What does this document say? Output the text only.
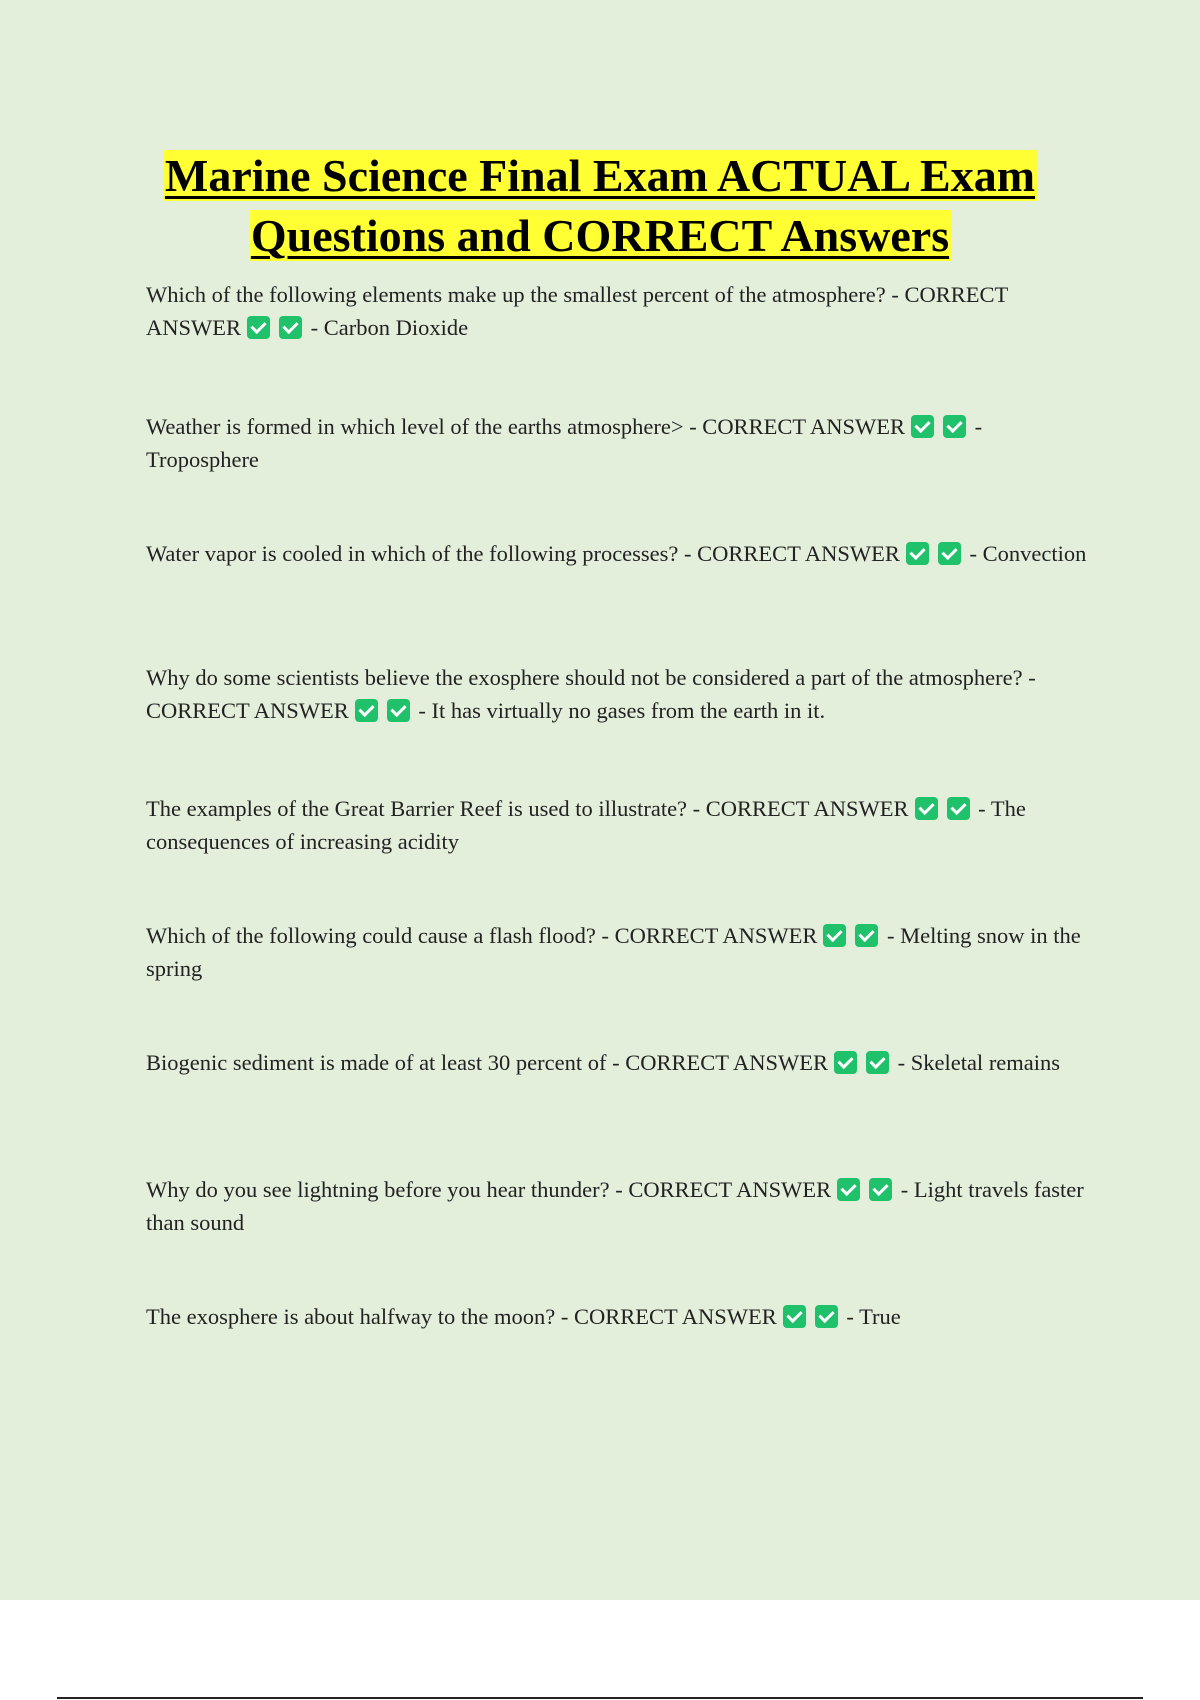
Marine Science Final Exam ACTUAL Exam
Questions and CORRECT Answers

Which of the following elements make up the smallest percent of the atmosphere? - CORRECT ANSWER	- Carbon Dioxide

Weather is formed in which level of the earths atmosphere> - CORRECT ANSWER	- Troposphere

Water vapor is cooled in which of the following processes? - CORRECT ANSWER	- Convection

Why do some scientists believe the exosphere should not be considered a part of the atmosphere? - CORRECT ANSWER	- It has virtually no gases from the earth in it.

The examples of the Great Barrier Reef is used to illustrate? - CORRECT ANSWER	- The consequences of increasing acidity

Which of the following could cause a flash flood? - CORRECT ANSWER	- Melting snow in the spring

Biogenic sediment is made of at least 30 percent of - CORRECT ANSWER	- Skeletal remains

Why do you see lightning before you hear thunder? - CORRECT ANSWER	- Light travels faster than sound

The exosphere is about halfway to the moon? - CORRECT ANSWER	- True
